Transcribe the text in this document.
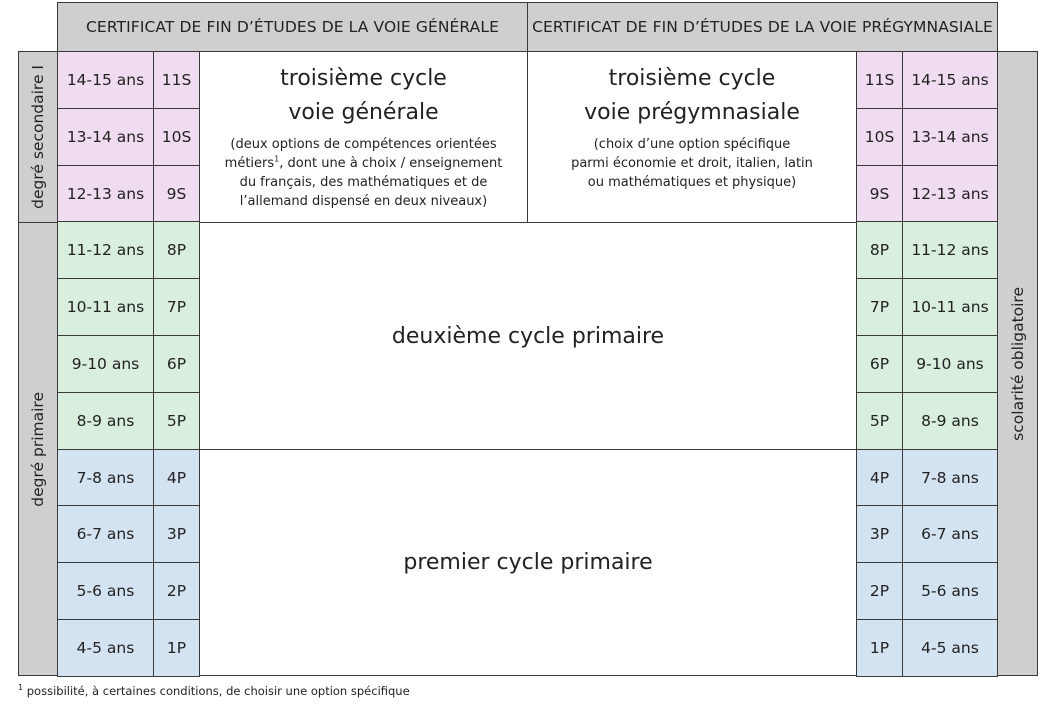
CERTIFICAT DE FIN D’ÉTUDES DE LA VOIE GÉNÉRALE CERTIFICAT DE FIN D’ÉTUDES DE LA VOIE PRÉGYMNASIALE
degré secondaire I
degré primaire
scolarité obligatoire
14-15 ans 11S	11S 14-15 ans
13-14 ans 10S	10S 13-14 ans
12-13 ans 9S	9S 12-13 ans
11-12 ans 8P	8P 11-12 ans
10-11 ans 7P	7P 10-11 ans
9-10 ans 6P	6P 9-10 ans
8-9 ans 5P	5P 8-9 ans
7-8 ans 4P	4P 7-8 ans
6-7 ans 3P	3P 6-7 ans
5-6 ans 2P	2P 5-6 ans
4-5 ans 1P	1P 4-5 ans
troisième cycle
voie générale
(deux options de compétences orientées
métiers$^1$, dont une à choix / enseignement
du français, des mathématiques et de
l’allemand dispensé en deux niveaux)
troisième cycle
voie prégymnasiale
(choix d’une option spécifique
parmi économie et droit, italien, latin
ou mathématiques et physique)
deuxième cycle primaire
premier cycle primaire
$^1$ possibilité, à certaines conditions, de choisir une option spécifique
